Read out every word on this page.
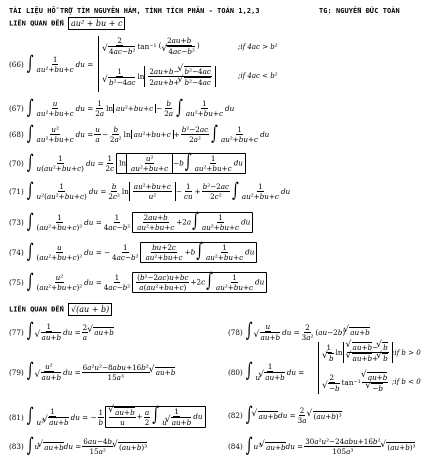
TÀI LIỆU HỖ TRỢ TÌM NGUYÊN HÀM, TÍNH TÍCH PHÂN - TOÁN 1,2,3	TG: NGUYỄN ĐỨC TOÀN
LIÊN QUAN ĐẾN au² + bu + c
(66) ∫ $\frac{1}{\text{au²+bu+c}}$ du =
2
√ 4ac−b² tan −1 ( 2au+b
√ 4ac−b² )	;if 4ac > b²
1
√ b²−4ac $\ln \frac{\text{2au+b− √ b²−4ac}}{\text{2au+b+ √ b²−4ac}}$	;if 4ac < b²
(67) ∫ $\frac{u}{\text{au²+bu+c}}$ du = $\frac{1}{2a}$ $\ln au^2+bu+c - \frac{b}{2a}$ ∫ $\frac{1}{\text{au²+bu+c}}$ du
(68) ∫ $\frac{\text{u²}}{\text{au²+bu+c}}$ du = $\frac{u}{a} - \frac{b}{\text{2a²}}$ $\ln au^2+bu+c + \frac{\text{b²−2ac}}{\text{2a²}}$ ∫ $\frac{1}{\text{au²+bu+c}}$ du
(70) ∫ $\frac{1}{\text{u(au²+bu+c)}}$ du = $\frac{1}{2c}$ $\ln \frac{\text{u²}}{\text{au²+bu+c}} -b\int \frac{1}{\text{au²+bu+c}}$ du
(71) ∫ $\frac{1}{\text{u²(au²+bu+c)}}$ du = $\frac{b}{\text{2c²}}$ $\ln \frac{\text{au²+bu+c}}{\text{u²}} - \frac{1}{cu} + \frac{\text{b²−2ac}}{\text{2c²}}$ ∫ $\frac{1}{\text{au²+bu+c}}$ du
(73) ∫ $\frac{1}{\text{(au²+bu+c)²}}$ du = $\frac{1}{\text{4ac−b²}} \frac{2au+b}{\text{au²+bu+c}} +2a\int \frac{1}{\text{au²+bu+c}}$ du
(74) ∫ $\frac{u}{\text{(au²+bu+c)²}}$ du = − $\frac{1}{\text{4ac−b²}} \frac{bu+2c}{\text{au²+bu+c}} +b\int \frac{1}{\text{au²+bu+c}}$ du
(75) ∫ $\frac{\text{u²}}{\text{(au²+bu+c)²}}$ du = $\frac{1}{\text{4ac−b²}} \frac{\text{(b²−2ac)u+bc}}{\text{a(au²+bu+c)}} +2c\int \frac{1}{\text{au²+bu+c}}$ du
LIÊN QUAN ĐẾN √(au + b)
(77) ∫ 1
√ au+b du = $\frac{2}{a}$ √ au+b	(78) ∫ u
√ au+b du = $\frac{2}{\text{3a²}}$ ( au −2 b ) √ au+b
(79) ∫ u²
√ au+b du = $\frac{\text{6a²u²−8abu+16b²}}{\text{15a³}}$ √ au+b	(80) ∫ $\frac{1}{u √ au+b}$ du =
1
√ b ln √ au+b− √ b
√ au+b+ √ b ;if b > 0
2
√ −b tan −1 √ au+b
√ −b ;if b < 0
(81) ∫ $\frac{1}{\text{u² √ au+b}}$ du = − $\frac{1}{b}$ √ $\frac{au+b}{u} + \frac{a}{2}$ ∫ $\frac{1}{u √ au+b}$ du	(82) ∫ √ au+b du = $\frac{2}{3a}$ √ (au+b)³
(83) ∫ u √ au+b du = $\frac{6au-4b}{\text{15a²}}$ √ (au+b)³	(84) ∫ u ² √ au+b du = $\frac{\text{30a²u²−24abu+16b²}}{\text{105a³}}$ √ (au+b)³
